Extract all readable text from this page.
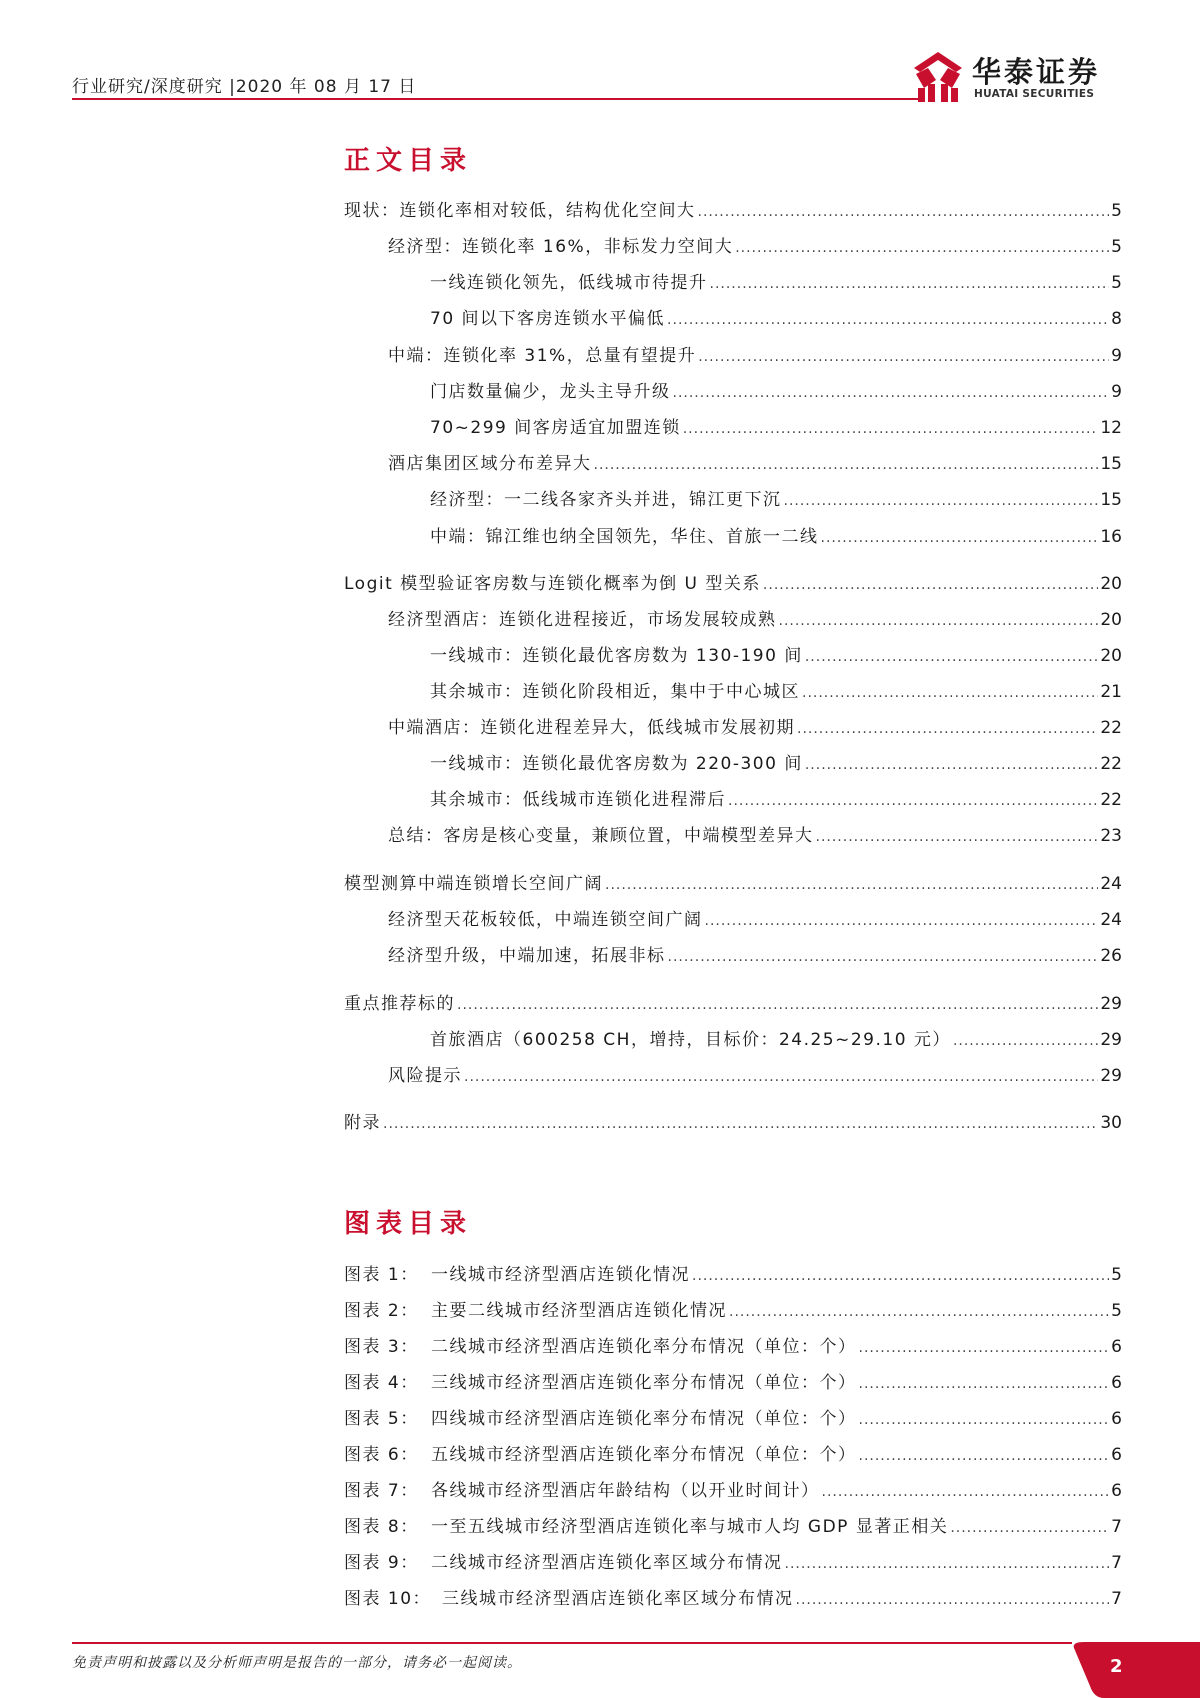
行业研究/深度研究 |2020 年 08 月 17 日	华泰证券
HUATAI SECURITIES
正文目录
现状：连锁化率相对较低，结构优化空间大 .....	5
经济型：连锁化率 16%，非标发力空间大 .....	5
一线连锁化领先，低线城市待提升 .....	5
70 间以下客房连锁水平偏低 .....	8
中端：连锁化率 31%，总量有望提升 .....	9
门店数量偏少，龙头主导升级 .....	9
70~299 间客房适宜加盟连锁 .....	12
酒店集团区域分布差异大 .....	15
经济型：一二线各家齐头并进，锦江更下沉 .....	15
中端：锦江维也纳全国领先，华住、首旅一二线 .....	16
Logit 模型验证客房数与连锁化概率为倒 U 型关系 .....	20
经济型酒店：连锁化进程接近，市场发展较成熟 .....	20
一线城市：连锁化最优客房数为 130-190 间 .....	20
其余城市：连锁化阶段相近，集中于中心城区 .....	21
中端酒店：连锁化进程差异大，低线城市发展初期 .....	22
一线城市：连锁化最优客房数为 220-300 间 .....	22
其余城市：低线城市连锁化进程滞后 .....	22
总结：客房是核心变量，兼顾位置，中端模型差异大 .....	23
模型测算中端连锁增长空间广阔 .....	24
经济型天花板较低，中端连锁空间广阔 .....	24
经济型升级，中端加速，拓展非标 .....	26
重点推荐标的 .....	29
首旅酒店（600258 CH，增持，目标价：24.25~29.10 元） .....	29
风险提示 .....	29
附录 .....	30
图表目录
图表 1： 一线城市经济型酒店连锁化情况 .....	5
图表 2： 主要二线城市经济型酒店连锁化情况 .....	5
图表 3： 二线城市经济型酒店连锁化率分布情况（单位：个） .....	6
图表 4： 三线城市经济型酒店连锁化率分布情况（单位：个） .....	6
图表 5： 四线城市经济型酒店连锁化率分布情况（单位：个） .....	6
图表 6： 五线城市经济型酒店连锁化率分布情况（单位：个） .....	6
图表 7： 各线城市经济型酒店年龄结构（以开业时间计） .....	6
图表 8： 一至五线城市经济型酒店连锁化率与城市人均 GDP 显著正相关 .....	7
图表 9： 二线城市经济型酒店连锁化率区域分布情况 .....	7
图表 10： 三线城市经济型酒店连锁化率区域分布情况 .....	7
免责声明和披露以及分析师声明是报告的一部分，请务必一起阅读。	2
